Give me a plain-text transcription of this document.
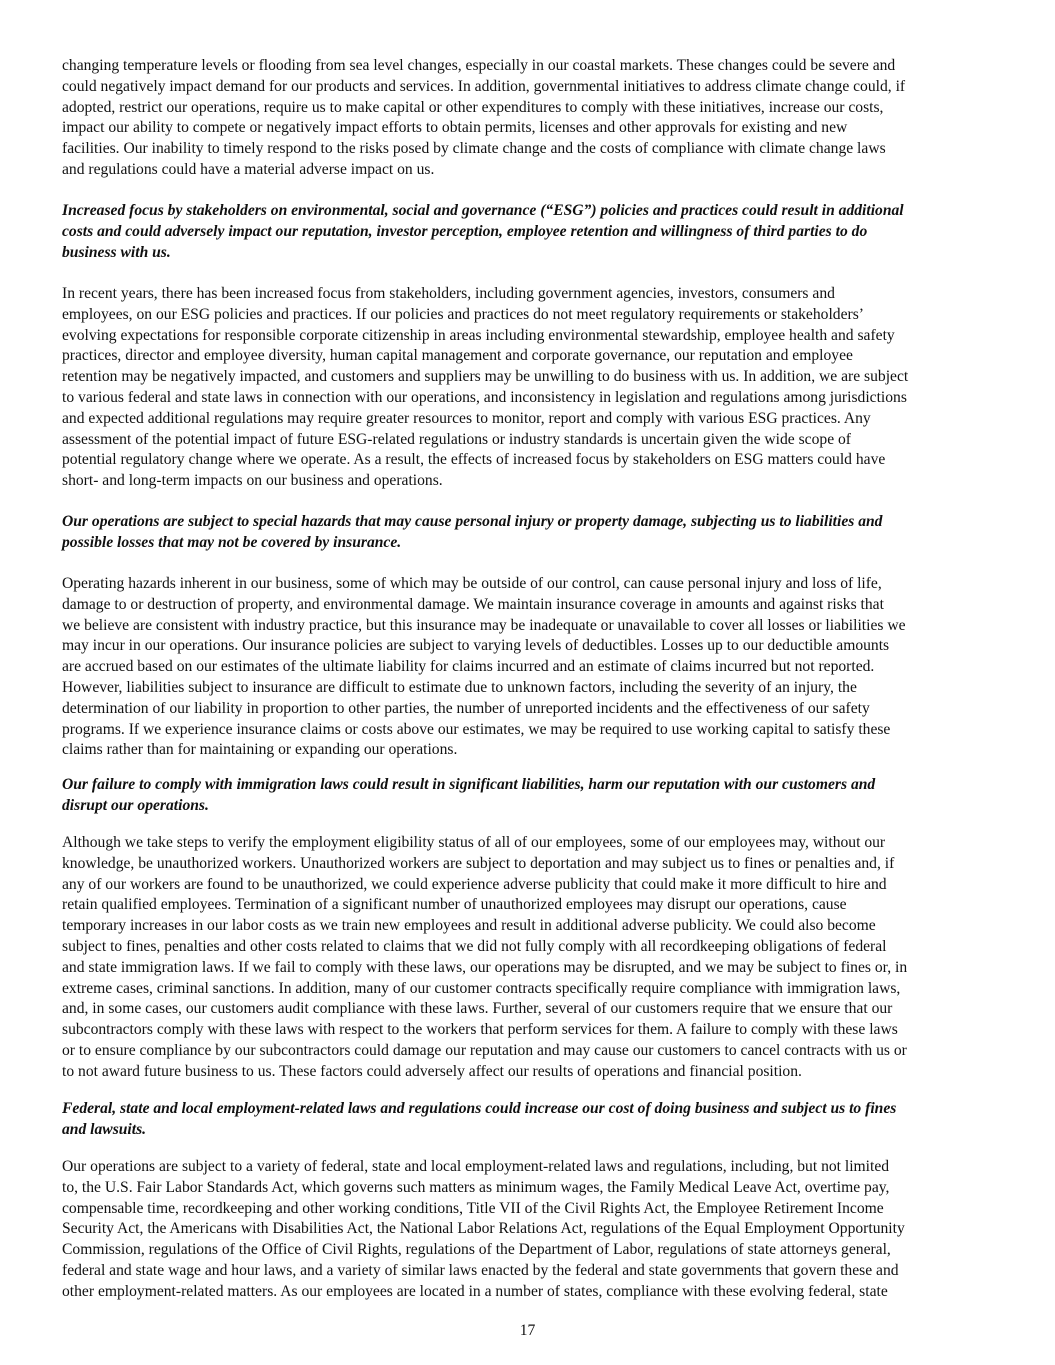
changing temperature levels or flooding from sea level changes, especially in our coastal markets. These changes could be severe and
could negatively impact demand for our products and services. In addition, governmental initiatives to address climate change could, if
adopted, restrict our operations, require us to make capital or other expenditures to comply with these initiatives, increase our costs,
impact our ability to compete or negatively impact efforts to obtain permits, licenses and other approvals for existing and new
facilities. Our inability to timely respond to the risks posed by climate change and the costs of compliance with climate change laws
and regulations could have a material adverse impact on us.
Increased focus by stakeholders on environmental, social and governance (“ESG”) policies and practices could result in additional
costs and could adversely impact our reputation, investor perception, employee retention and willingness of third parties to do
business with us.
In recent years, there has been increased focus from stakeholders, including government agencies, investors, consumers and
employees, on our ESG policies and practices. If our policies and practices do not meet regulatory requirements or stakeholders’
evolving expectations for responsible corporate citizenship in areas including environmental stewardship, employee health and safety
practices, director and employee diversity, human capital management and corporate governance, our reputation and employee
retention may be negatively impacted, and customers and suppliers may be unwilling to do business with us. In addition, we are subject
to various federal and state laws in connection with our operations, and inconsistency in legislation and regulations among jurisdictions
and expected additional regulations may require greater resources to monitor, report and comply with various ESG practices. Any
assessment of the potential impact of future ESG-related regulations or industry standards is uncertain given the wide scope of
potential regulatory change where we operate. As a result, the effects of increased focus by stakeholders on ESG matters could have
short- and long-term impacts on our business and operations.
Our operations are subject to special hazards that may cause personal injury or property damage, subjecting us to liabilities and
possible losses that may not be covered by insurance.
Operating hazards inherent in our business, some of which may be outside of our control, can cause personal injury and loss of life,
damage to or destruction of property, and environmental damage. We maintain insurance coverage in amounts and against risks that
we believe are consistent with industry practice, but this insurance may be inadequate or unavailable to cover all losses or liabilities we
may incur in our operations. Our insurance policies are subject to varying levels of deductibles. Losses up to our deductible amounts
are accrued based on our estimates of the ultimate liability for claims incurred and an estimate of claims incurred but not reported.
However, liabilities subject to insurance are difficult to estimate due to unknown factors, including the severity of an injury, the
determination of our liability in proportion to other parties, the number of unreported incidents and the effectiveness of our safety
programs. If we experience insurance claims or costs above our estimates, we may be required to use working capital to satisfy these
claims rather than for maintaining or expanding our operations.
Our failure to comply with immigration laws could result in significant liabilities, harm our reputation with our customers and
disrupt our operations.
Although we take steps to verify the employment eligibility status of all of our employees, some of our employees may, without our
knowledge, be unauthorized workers. Unauthorized workers are subject to deportation and may subject us to fines or penalties and, if
any of our workers are found to be unauthorized, we could experience adverse publicity that could make it more difficult to hire and
retain qualified employees. Termination of a significant number of unauthorized employees may disrupt our operations, cause
temporary increases in our labor costs as we train new employees and result in additional adverse publicity. We could also become
subject to fines, penalties and other costs related to claims that we did not fully comply with all recordkeeping obligations of federal
and state immigration laws. If we fail to comply with these laws, our operations may be disrupted, and we may be subject to fines or, in
extreme cases, criminal sanctions. In addition, many of our customer contracts specifically require compliance with immigration laws,
and, in some cases, our customers audit compliance with these laws. Further, several of our customers require that we ensure that our
subcontractors comply with these laws with respect to the workers that perform services for them. A failure to comply with these laws
or to ensure compliance by our subcontractors could damage our reputation and may cause our customers to cancel contracts with us or
to not award future business to us. These factors could adversely affect our results of operations and financial position.
Federal, state and local employment-related laws and regulations could increase our cost of doing business and subject us to fines
and lawsuits.
Our operations are subject to a variety of federal, state and local employment-related laws and regulations, including, but not limited
to, the U.S. Fair Labor Standards Act, which governs such matters as minimum wages, the Family Medical Leave Act, overtime pay,
compensable time, recordkeeping and other working conditions, Title VII of the Civil Rights Act, the Employee Retirement Income
Security Act, the Americans with Disabilities Act, the National Labor Relations Act, regulations of the Equal Employment Opportunity
Commission, regulations of the Office of Civil Rights, regulations of the Department of Labor, regulations of state attorneys general,
federal and state wage and hour laws, and a variety of similar laws enacted by the federal and state governments that govern these and
other employment-related matters. As our employees are located in a number of states, compliance with these evolving federal, state
17
